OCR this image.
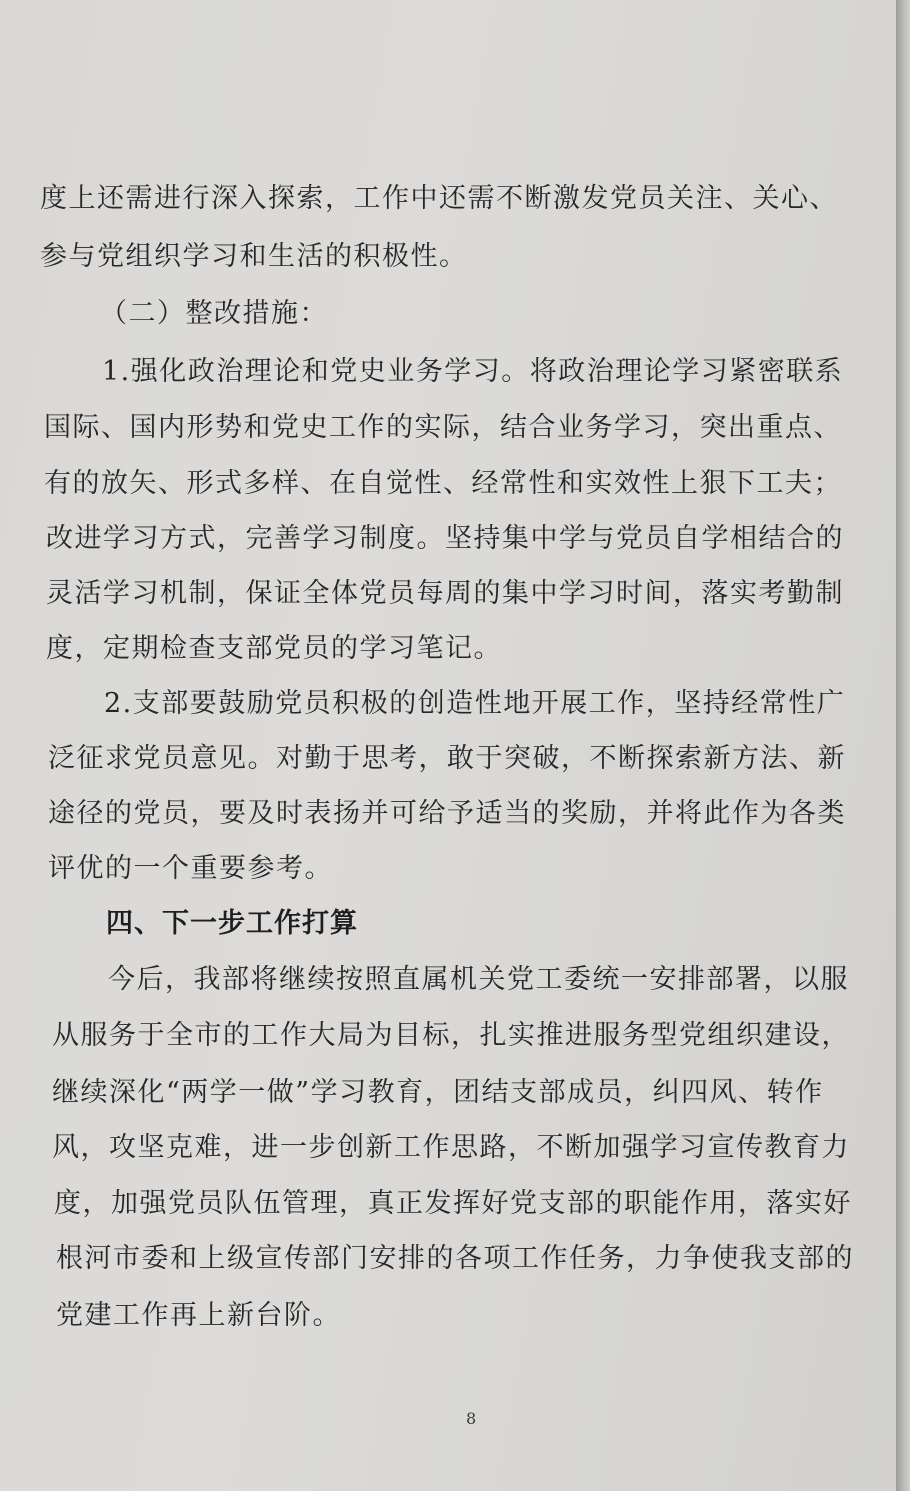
度上还需进行深入探索，工作中还需不断激发党员关注、关心、
参与党组织学习和生活的积极性。
（二）整改措施：
1.强化政治理论和党史业务学习。将政治理论学习紧密联系
国际、国内形势和党史工作的实际，结合业务学习，突出重点、
有的放矢、形式多样、在自觉性、经常性和实效性上狠下工夫；
改进学习方式，完善学习制度。坚持集中学与党员自学相结合的
灵活学习机制，保证全体党员每周的集中学习时间，落实考勤制
度，定期检查支部党员的学习笔记。
2.支部要鼓励党员积极的创造性地开展工作，坚持经常性广
泛征求党员意见。对勤于思考，敢于突破，不断探索新方法、新
途径的党员，要及时表扬并可给予适当的奖励，并将此作为各类
评优的一个重要参考。
四、下一步工作打算
今后，我部将继续按照直属机关党工委统一安排部署，以服
从服务于全市的工作大局为目标，扎实推进服务型党组织建设，
继续深化“两学一做”学习教育，团结支部成员，纠四风、转作
风，攻坚克难，进一步创新工作思路，不断加强学习宣传教育力
度，加强党员队伍管理，真正发挥好党支部的职能作用，落实好
根河市委和上级宣传部门安排的各项工作任务，力争使我支部的
党建工作再上新台阶。
8
